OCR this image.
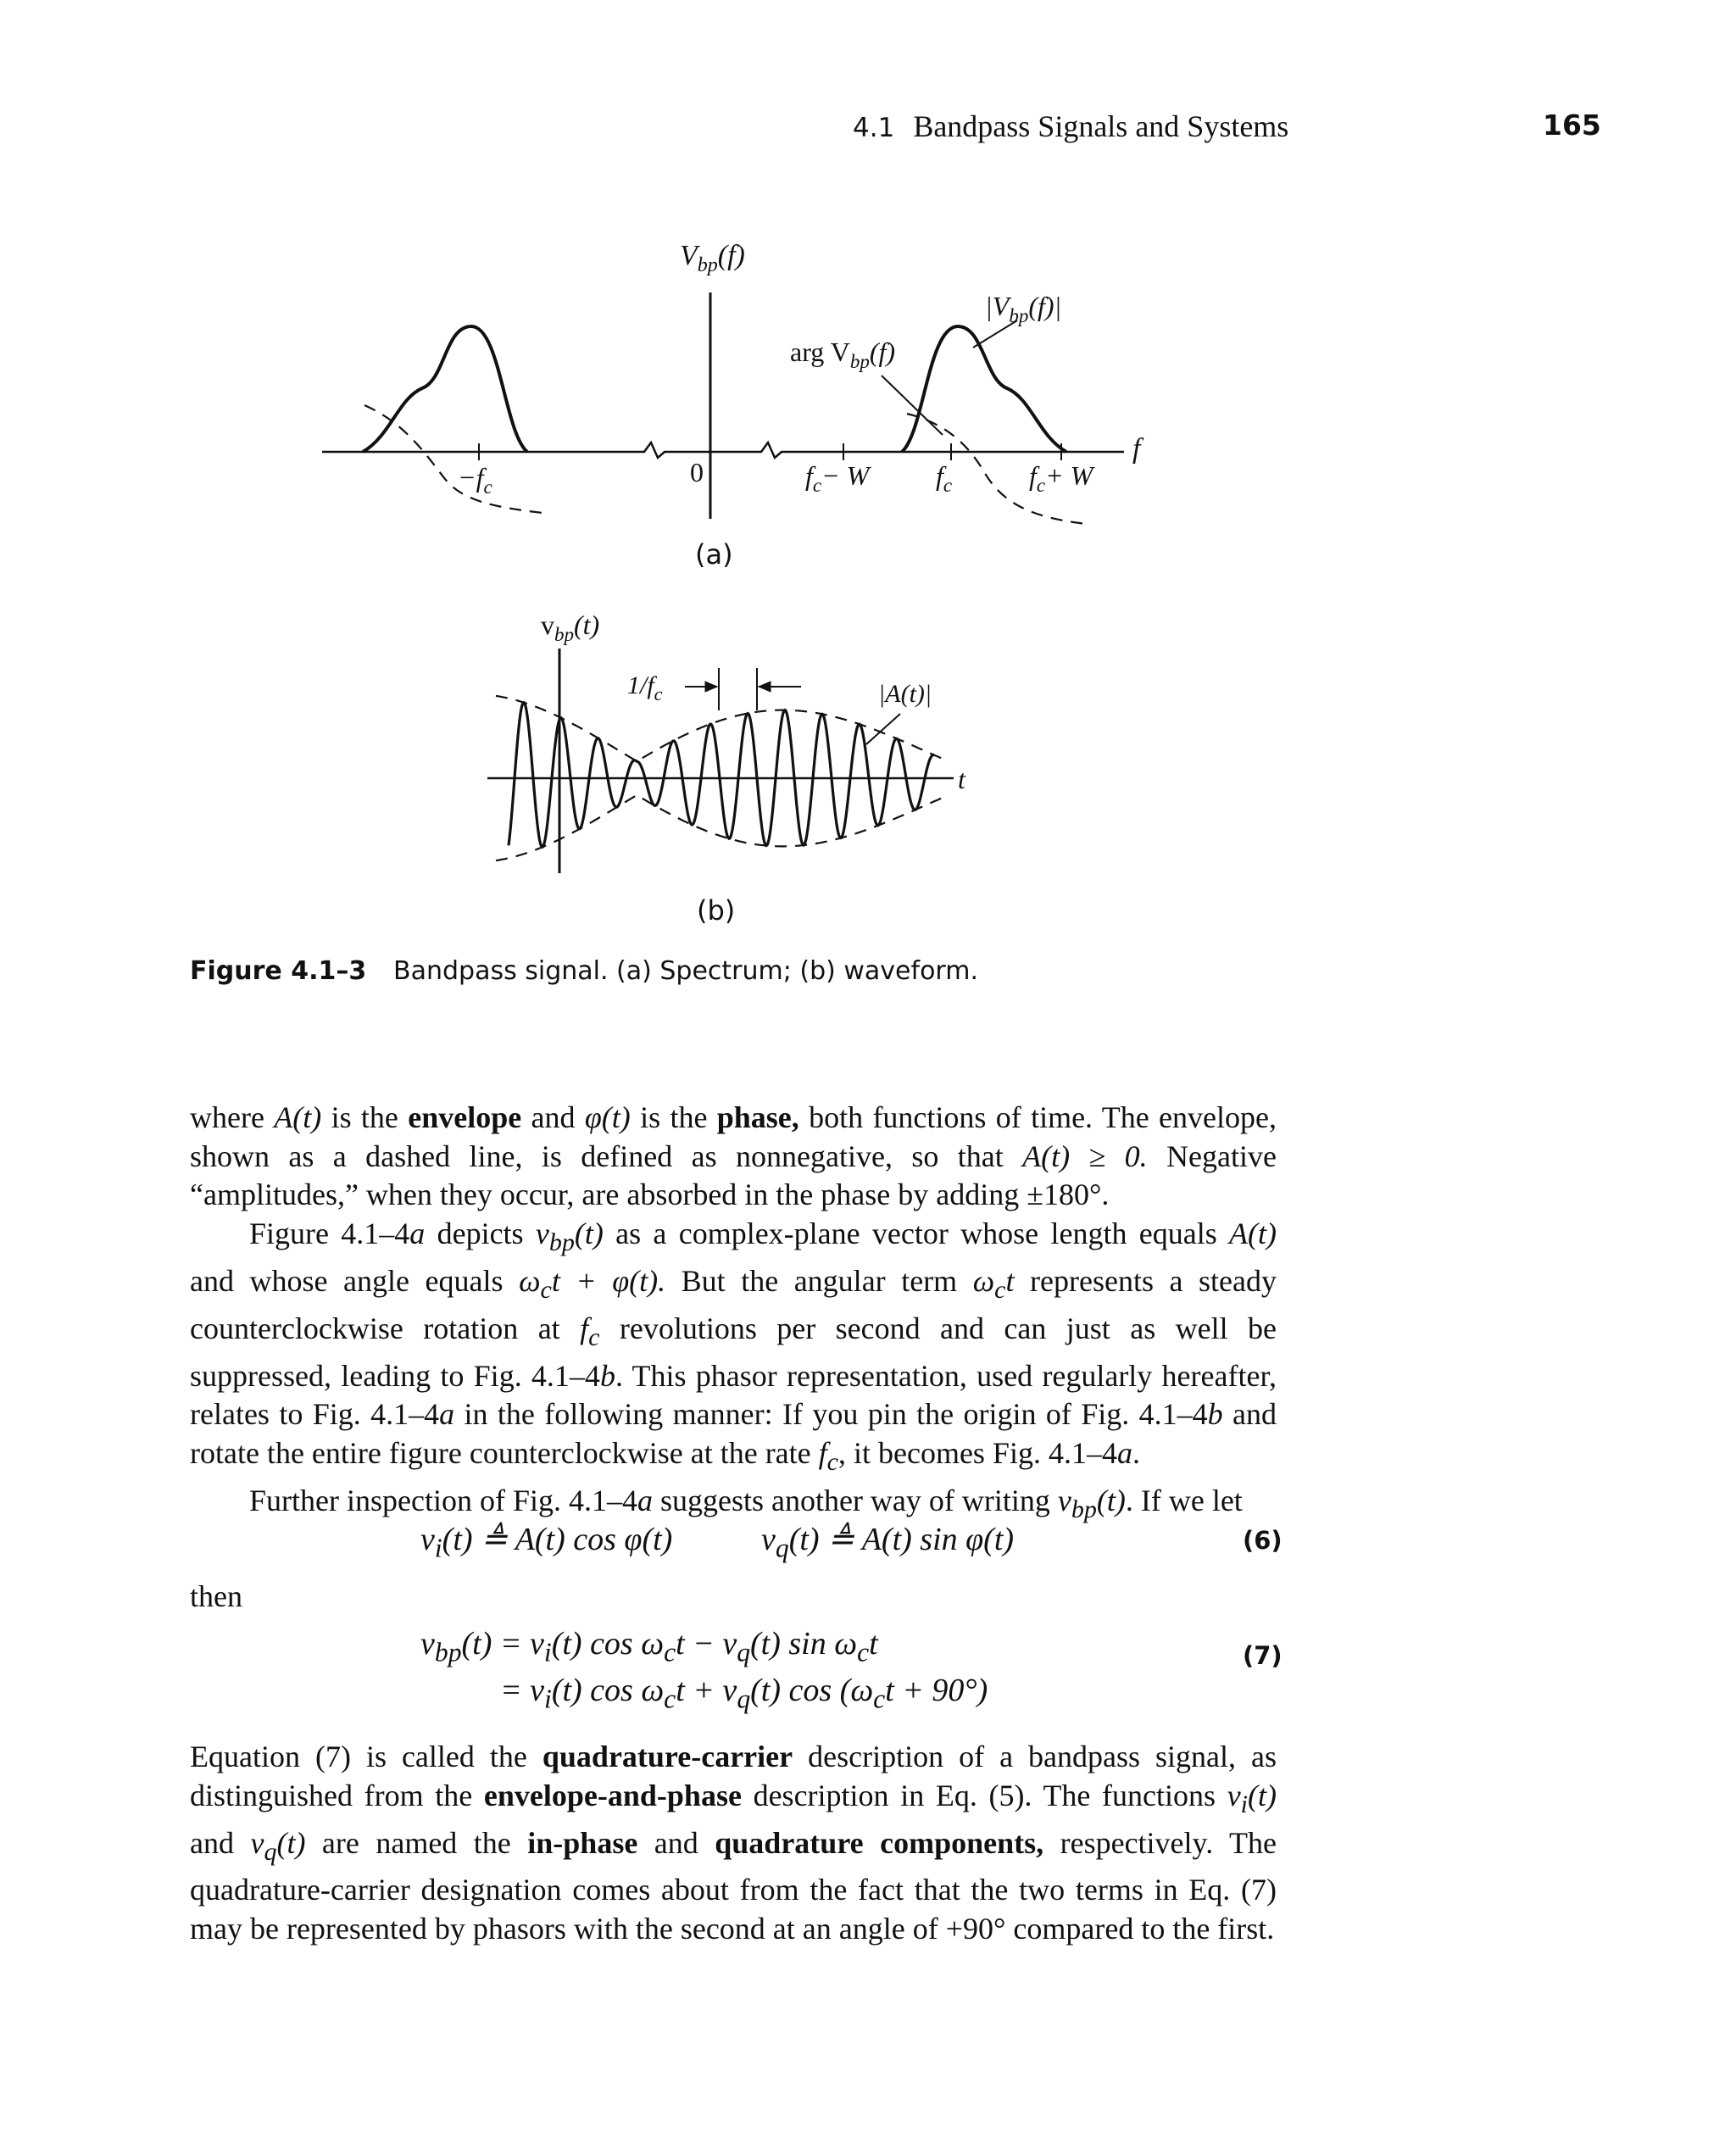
4.1 Bandpass Signals and Systems	165
$V_{bp}(f)$
$|V_{bp}(f)|$
arg $V_{bp}(f)$
f
$-f_c$	0	$f_c- W$ $f_c$	$f_c+ W$
(a)
$v_{bp}(t)$
$1/f_c$	|A(t)|
t
(b)
Figure 4.1–3 Bandpass signal. (a) Spectrum; (b) waveform.

where A(t) is the envelope and φ(t) is the phase, both functions of time. The envelope, shown as a dashed line, is defined as nonnegative, so that A(t) ≥ 0. Negative “amplitudes,” when they occur, are absorbed in the phase by adding ±180°.

Figure 4.1–4a depicts $v_{bp}(t)$ as a complex-plane vector whose length equals A(t) and whose angle equals $\omega_ct + \varphi(t)$. But the angular term $\omega_ct$ represents a steady counterclockwise rotation at $f_c$ revolutions per second and can just as well be suppressed, leading to Fig. 4.1–4b. This phasor representation, used regularly hereafter, relates to Fig. 4.1–4a in the following manner: If you pin the origin of Fig. 4.1–4b and rotate the entire figure counterclockwise at the rate $f_c$, it becomes Fig. 4.1–4a.

Further inspection of Fig. 4.1–4a suggests another way of writing $v_{bp}(t)$. If we let

$v_i(t)$ ≜ A(t) cos φ(t)	$v_q(t)$ ≜ A(t) sin φ(t)	(6)
then
$v_{bp}(t) = v_i(t)$ $\cos \omega_ct - v_q(t)$ $\sin \omega_ct$
= $v_i(t)$ $\cos \omega_ct + v_q(t)$ $\cos (\omega_ct + 90^\circ)$
(7)

Equation (7) is called the quadrature-carrier description of a bandpass signal, as distinguished from the envelope-and-phase description in Eq. (5). The functions $v_i(t)$ and $v_q(t)$ are named the in-phase and quadrature components, respectively. The quadrature-carrier designation comes about from the fact that the two terms in Eq. (7) may be represented by phasors with the second at an angle of +90° compared to the first.
